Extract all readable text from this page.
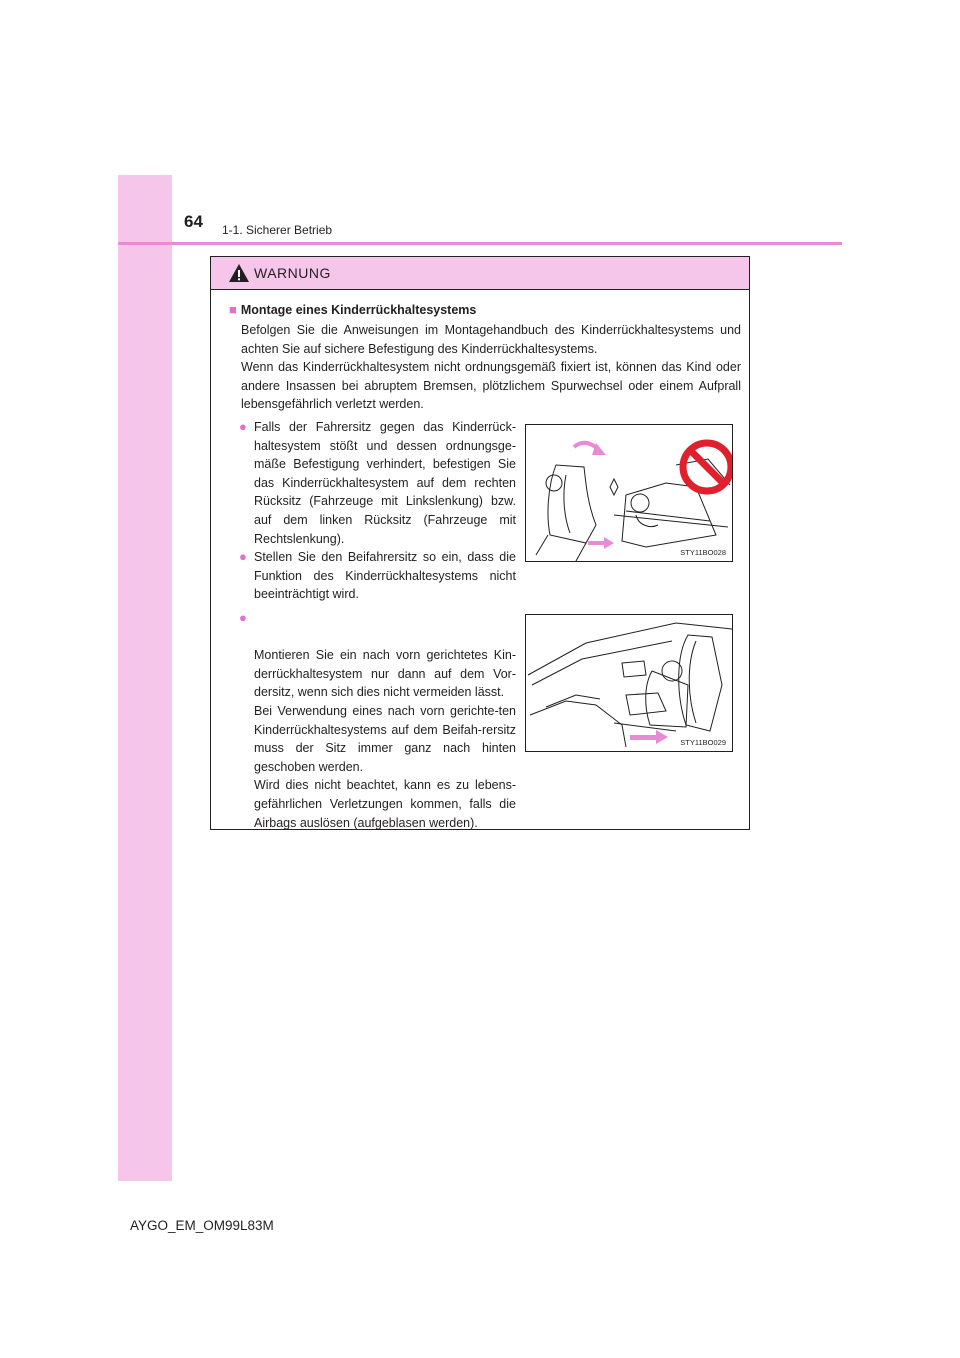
64 1-1. Sicherer Betrieb
WARNUNG
■ Montage eines Kinderrückhaltesystems
Befolgen Sie die Anweisungen im Montagehandbuch des Kinderrückhaltesystems und achten Sie auf sichere Befestigung des Kinderrückhaltesystems.
Wenn das Kinderrückhaltesystem nicht ordnungsgemäß fixiert ist, können das Kind oder andere Insassen bei abruptem Bremsen, plötzlichem Spurwechsel oder einem Aufprall lebensgefährlich verletzt werden.
● Falls der Fahrersitz gegen das Kinderrück-haltesystem stößt und dessen ordnungsge-mäße Befestigung verhindert, befestigen Sie das Kinderrückhaltesystem auf dem rechten Rücksitz (Fahrzeuge mit Linkslenkung) bzw. auf dem linken Rücksitz (Fahrzeuge mit Rechtslenkung).
● Stellen Sie den Beifahrersitz so ein, dass die Funktion des Kinderrückhaltesystems nicht beeinträchtigt wird.

●

Montieren Sie ein nach vorn gerichtetes Kin-derrückhaltesystem nur dann auf dem Vor-dersitz, wenn sich dies nicht vermeiden lässt.
Bei Verwendung eines nach vorn gerichte-ten Kinderrückhaltesystems auf dem Beifah-rersitz muss der Sitz immer ganz nach hinten geschoben werden.
Wird dies nicht beachtet, kann es zu lebens-gefährlichen Verletzungen kommen, falls die Airbags auslösen (aufgeblasen werden).

STY11BO028
STY11BO029
AYGO_EM_OM99L83M
